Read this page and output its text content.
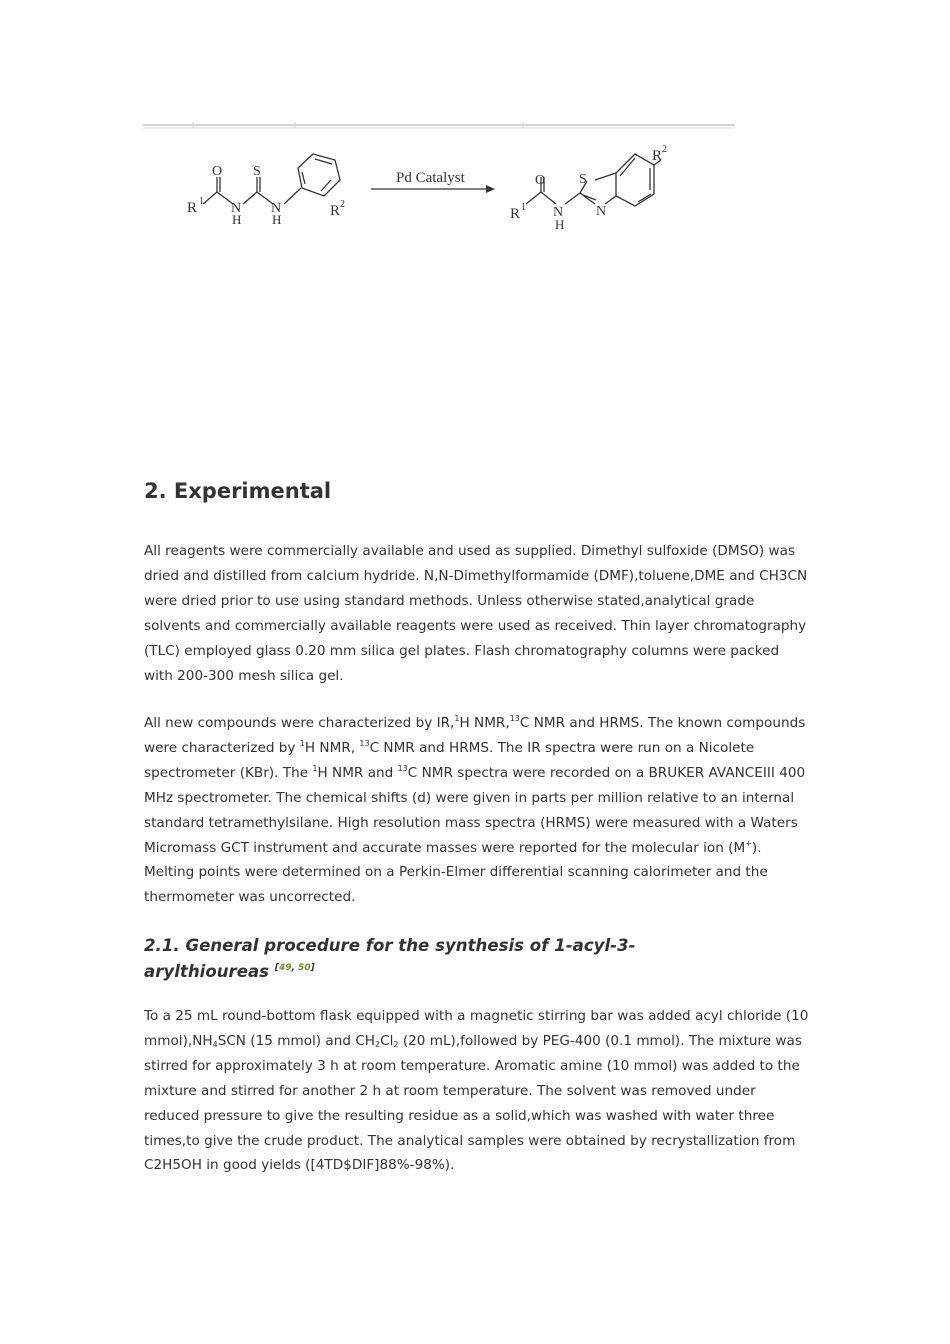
Pd Catalyst
R 1
O
N
H
S
N
H
R 2
R 1
O
N
H
S
N
R 2
2. Experimental

All reagents were commercially available and used as supplied. Dimethyl sulfoxide (DMSO) was dried and distilled from calcium hydride. N,N-Dimethylformamide (DMF),toluene,DME and CH3CN were dried prior to use using standard methods. Unless otherwise stated,analytical grade solvents and commercially available reagents were used as received. Thin layer chromatography (TLC) employed glass 0.20 mm silica gel plates. Flash chromatography columns were packed with 200-300 mesh silica gel.

All new compounds were characterized by IR,$^1$H NMR,$^{13}$C NMR and HRMS. The known compounds were characterized by $^1$H NMR, $^{13}$C NMR and HRMS. The IR spectra were run on a Nicolete spectrometer (KBr). The $^1$H NMR and $^{13}$C NMR spectra were recorded on a BRUKER AVANCEIII 400 MHz spectrometer. The chemical shifts (d) were given in parts per million relative to an internal standard tetramethylsilane. High resolution mass spectra (HRMS) were measured with a Waters Micromass GCT instrument and accurate masses were reported for the molecular ion (M+). Melting points were determined on a Perkin-Elmer differential scanning calorimeter and the thermometer was uncorrected.

2.1. General procedure for the synthesis of 1-acyl-3-arylthioureas [49, 50]

To a 25 mL round-bottom flask equipped with a magnetic stirring bar was added acyl chloride (10 $mmol),NH_4SCN$ (15 mmol) and $CH_2Cl_2$ (20 mL),followed by PEG-400 (0.1 mmol). The mixture was stirred for approximately 3 h at room temperature. Aromatic amine (10 mmol) was added to the mixture and stirred for another 2 h at room temperature. The solvent was removed under reduced pressure to give the resulting residue as a solid,which was washed with water three times,to give the crude product. The analytical samples were obtained by recrystallization from C2H5OH in good yields ([4TD$DIF]88%-98%).
